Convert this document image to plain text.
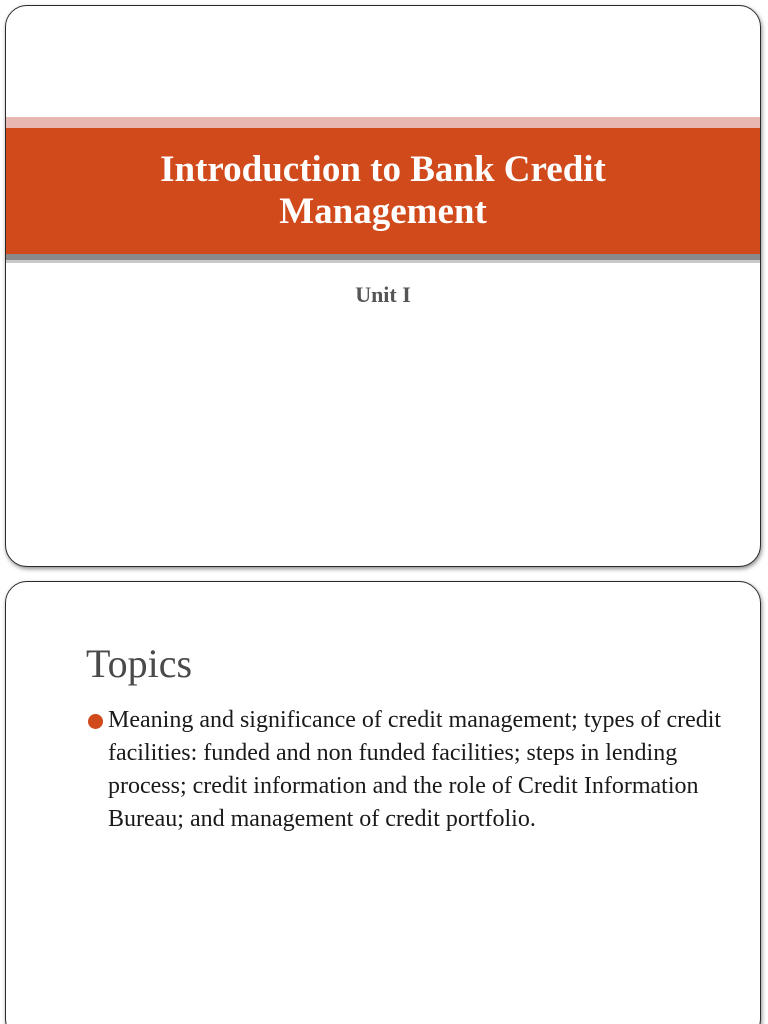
Introduction to Bank Credit Management
Unit I
Topics
Meaning and significance of credit management; types of credit facilities: funded and non funded facilities; steps in lending process; credit information and the role of Credit Information Bureau; and management of credit portfolio.
